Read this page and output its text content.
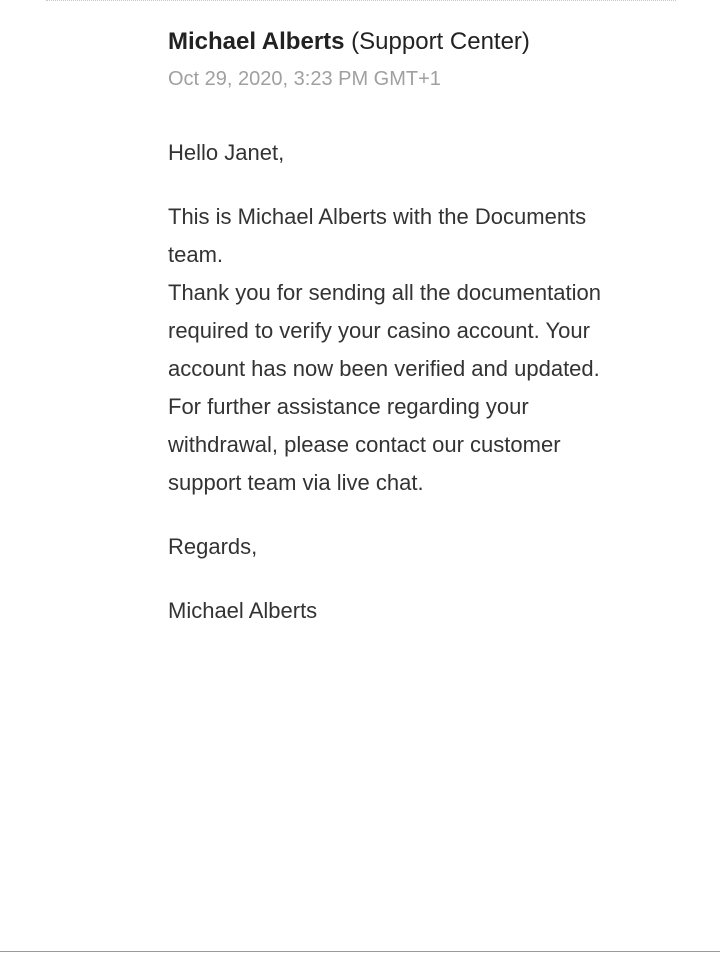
Michael Alberts (Support Center)
Oct 29, 2020, 3:23 PM GMT+1

Hello Janet,

This is Michael Alberts with the Documents
team.
Thank you for sending all the documentation
required to verify your casino account. Your
account has now been verified and updated.
For further assistance regarding your
withdrawal, please contact our customer
support team via live chat.

Regards,

Michael Alberts
